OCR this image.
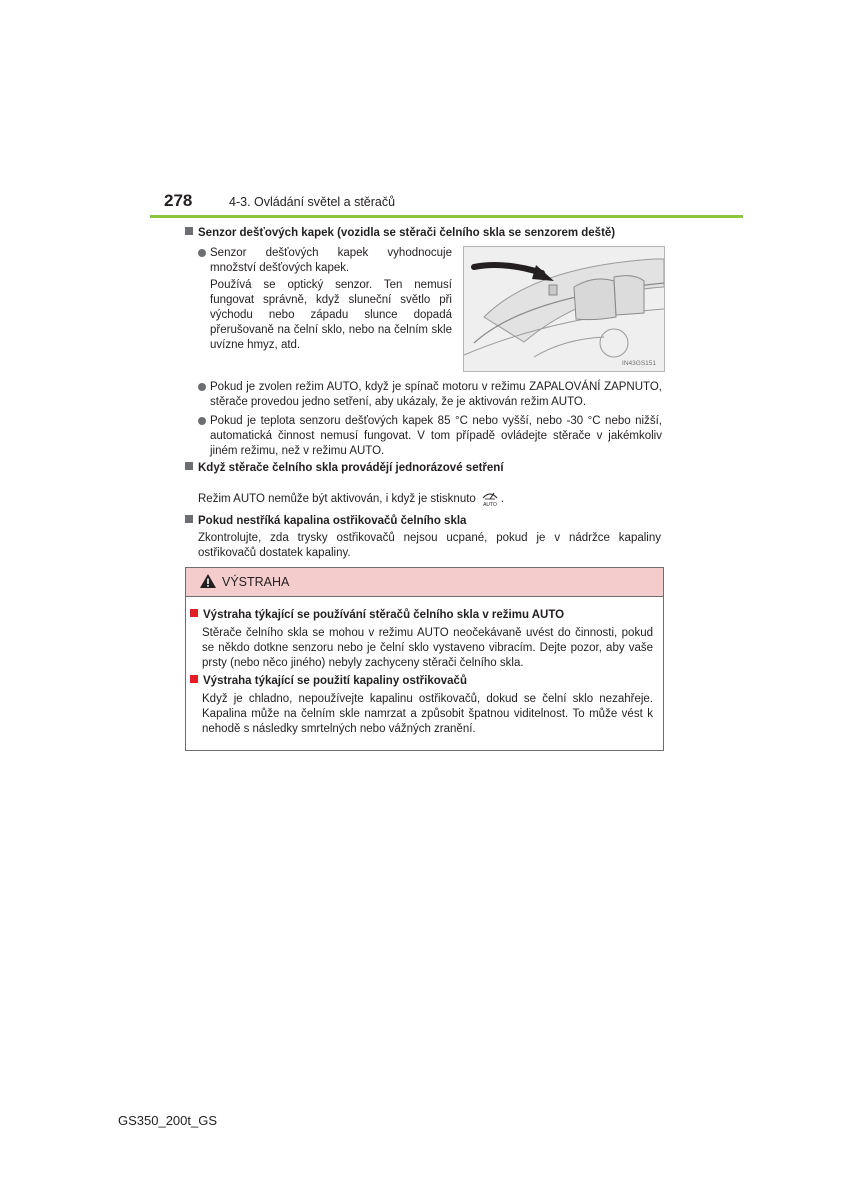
278	4-3. Ovládání světel a stěračů
Senzor dešťových kapek (vozidla se stěrači čelního skla se senzorem deště)
Senzor dešťových kapek vyhodnocuje množství dešťových kapek.
Používá se optický senzor. Ten nemusí fungovat správně, když sluneční světlo při východu nebo západu slunce dopadá přerušovaně na čelní sklo, nebo na čelním skle uvízne hmyz, atd.
IN43GS151
Pokud je zvolen režim AUTO, když je spínač motoru v režimu ZAPALOVÁNÍ ZAPNUTO, stěrače provedou jedno setření, aby ukázaly, že je aktivován režim AUTO.
Pokud je teplota senzoru dešťových kapek 85 °C nebo vyšší, nebo -30 °C nebo nižší, automatická činnost nemusí fungovat. V tom případě ovládejte stěrače v jakémkoliv jiném režimu, než v režimu AUTO.
Když stěrače čelního skla provádějí jednorázové setření
Režim AUTO nemůže být aktivován, i když je stisknuto AUTO .
Pokud nestříká kapalina ostřikovačů čelního skla
Zkontrolujte, zda trysky ostřikovačů nejsou ucpané, pokud je v nádržce kapaliny ostřikovačů dostatek kapaliny.
VÝSTRAHA
Výstraha týkající se používání stěračů čelního skla v režimu AUTO
Stěrače čelního skla se mohou v režimu AUTO neočekávaně uvést do činnosti, pokud se někdo dotkne senzoru nebo je čelní sklo vystaveno vibracím. Dejte pozor, aby vaše prsty (nebo něco jiného) nebyly zachyceny stěrači čelního skla.
Výstraha týkající se použití kapaliny ostřikovačů
Když je chladno, nepoužívejte kapalinu ostřikovačů, dokud se čelní sklo nezahřeje. Kapalina může na čelním skle namrzat a způsobit špatnou viditelnost. To může vést k nehodě s následky smrtelných nebo vážných zranění.
GS350_200t_GS
